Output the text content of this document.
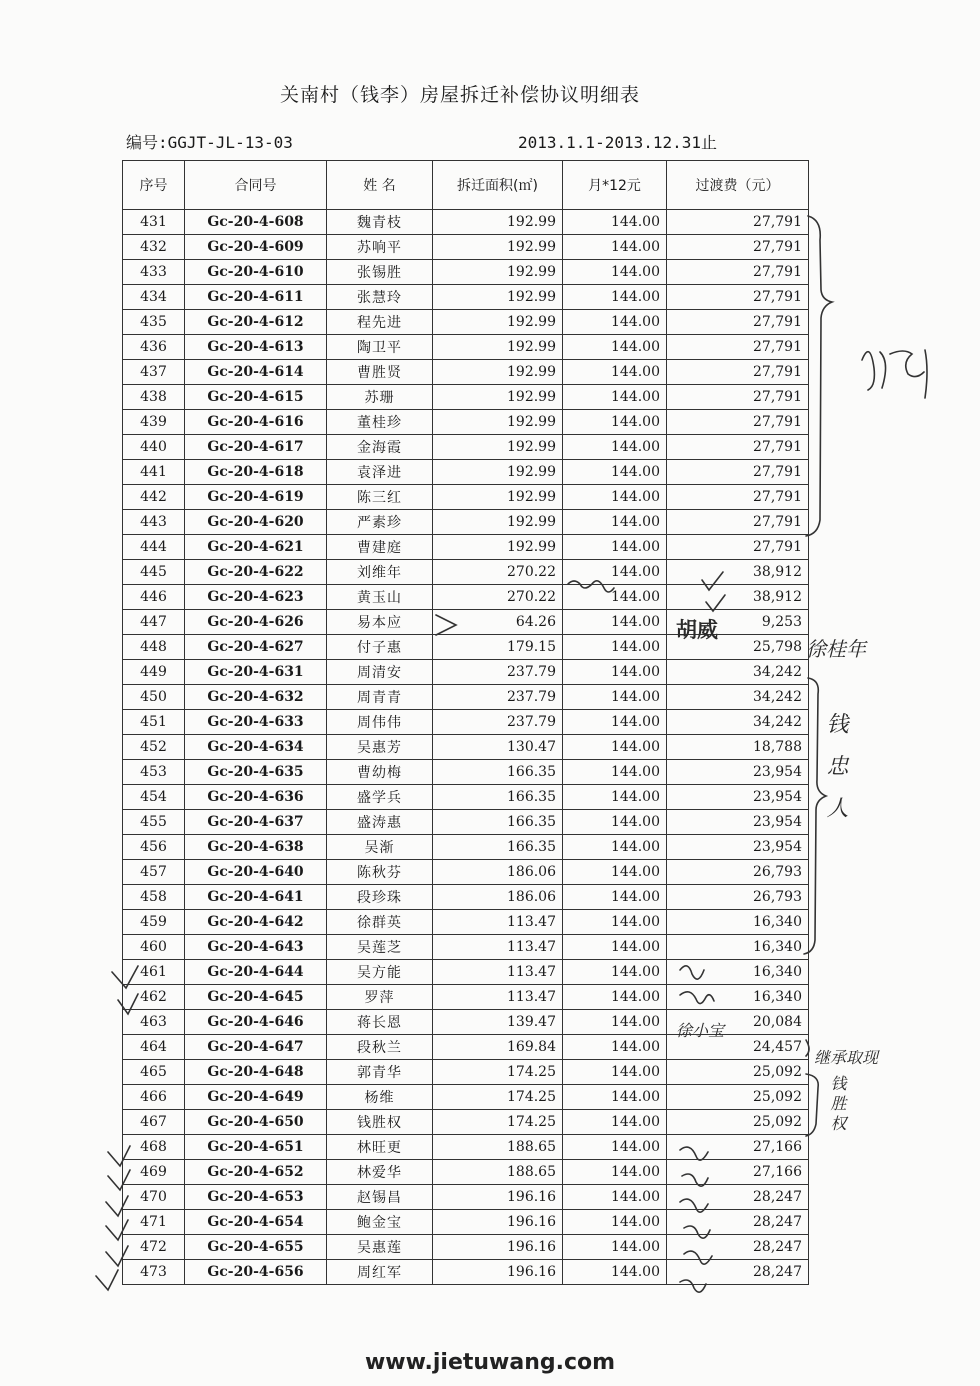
关南村（钱李）房屋拆迁补偿协议明细表
编号:GGJT-JL-13-03	2013.1.1-2013.12.31止
序号	合同号	姓 名	拆迁面积(㎡)	月*12元	过渡费（元）
431	Gc-20-4-608	魏青枝	192.99	144.00	27,791
432	Gc-20-4-609	苏响平	192.99	144.00	27,791
433	Gc-20-4-610	张锡胜	192.99	144.00	27,791
434	Gc-20-4-611	张慧玲	192.99	144.00	27,791
435	Gc-20-4-612	程先进	192.99	144.00	27,791
436	Gc-20-4-613	陶卫平	192.99	144.00	27,791
437	Gc-20-4-614	曹胜贤	192.99	144.00	27,791
438	Gc-20-4-615	苏珊	192.99	144.00	27,791
439	Gc-20-4-616	董桂珍	192.99	144.00	27,791
440	Gc-20-4-617	金海霞	192.99	144.00	27,791
441	Gc-20-4-618	袁泽进	192.99	144.00	27,791
442	Gc-20-4-619	陈三红	192.99	144.00	27,791
443	Gc-20-4-620	严素珍	192.99	144.00	27,791
444	Gc-20-4-621	曹建庭	192.99	144.00	27,791
445	Gc-20-4-622	刘维年	270.22	144.00	38,912
446	Gc-20-4-623	黄玉山	270.22	144.00	38,912
447	Gc-20-4-626	易本应	64.26	144.00	9,253
448	Gc-20-4-627	付子惠	179.15	144.00	25,798
449	Gc-20-4-631	周清安	237.79	144.00	34,242
450	Gc-20-4-632	周青青	237.79	144.00	34,242
451	Gc-20-4-633	周伟伟	237.79	144.00	34,242
452	Gc-20-4-634	吴惠芳	130.47	144.00	18,788
453	Gc-20-4-635	曹幼梅	166.35	144.00	23,954
454	Gc-20-4-636	盛学兵	166.35	144.00	23,954
455	Gc-20-4-637	盛涛惠	166.35	144.00	23,954
456	Gc-20-4-638	吴渐	166.35	144.00	23,954
457	Gc-20-4-640	陈秋芬	186.06	144.00	26,793
458	Gc-20-4-641	段珍珠	186.06	144.00	26,793
459	Gc-20-4-642	徐群英	113.47	144.00	16,340
460	Gc-20-4-643	吴莲芝	113.47	144.00	16,340
461	Gc-20-4-644	吴方能	113.47	144.00	16,340
462	Gc-20-4-645	罗萍	113.47	144.00	16,340
463	Gc-20-4-646	蒋长恩	139.47	144.00	20,084
464	Gc-20-4-647	段秋兰	169.84	144.00	24,457
465	Gc-20-4-648	郭青华	174.25	144.00	25,092
466	Gc-20-4-649	杨维	174.25	144.00	25,092
467	Gc-20-4-650	钱胜权	174.25	144.00	25,092
468	Gc-20-4-651	林旺更	188.65	144.00	27,166
469	Gc-20-4-652	林爱华	188.65	144.00	27,166
470	Gc-20-4-653	赵锡昌	196.16	144.00	28,247
471	Gc-20-4-654	鲍金宝	196.16	144.00	28,247
472	Gc-20-4-655	吴惠莲	196.16	144.00	28,247
473	Gc-20-4-656	周红军	196.16	144.00	28,247
胡威
徐桂年
钱忠人
徐小宝
继承取现
钱胜权
www.jietuwang.com
